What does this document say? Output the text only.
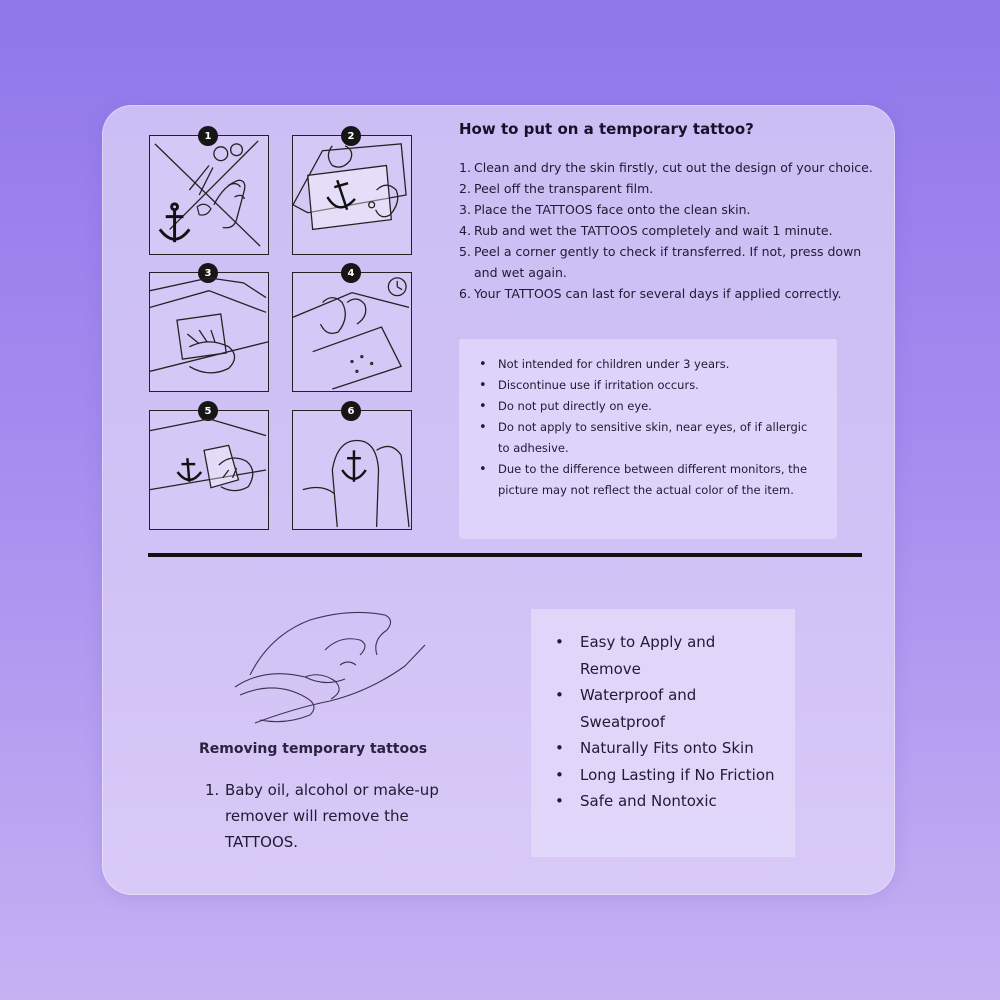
1	2
3	4
5	6
How to put on a temporary tattoo?
1. Clean and dry the skin firstly, cut out the design of your choice.
2. Peel off the transparent film.
3. Place the TATTOOS face onto the clean skin.
4. Rub and wet the TATTOOS completely and wait 1 minute.
5. Peel a corner gently to check if transferred. If not, press down and wet again.
6. Your TATTOOS can last for several days if applied correctly.
• Not intended for children under 3 years.
• Discontinue use if irritation occurs.
• Do not put directly on eye.
• Do not apply to sensitive skin, near eyes, of if allergic to adhesive.
• Due to the difference between different monitors, the picture may not reflect the actual color of the item.
Removing temporary tattoos
1. Baby oil, alcohol or make-up remover will remove the TATTOOS.
•	Easy to Apply and Remove
•	Waterproof and Sweatproof
•	Naturally Fits onto Skin
•	Long Lasting if No Friction
•	Safe and Nontoxic
